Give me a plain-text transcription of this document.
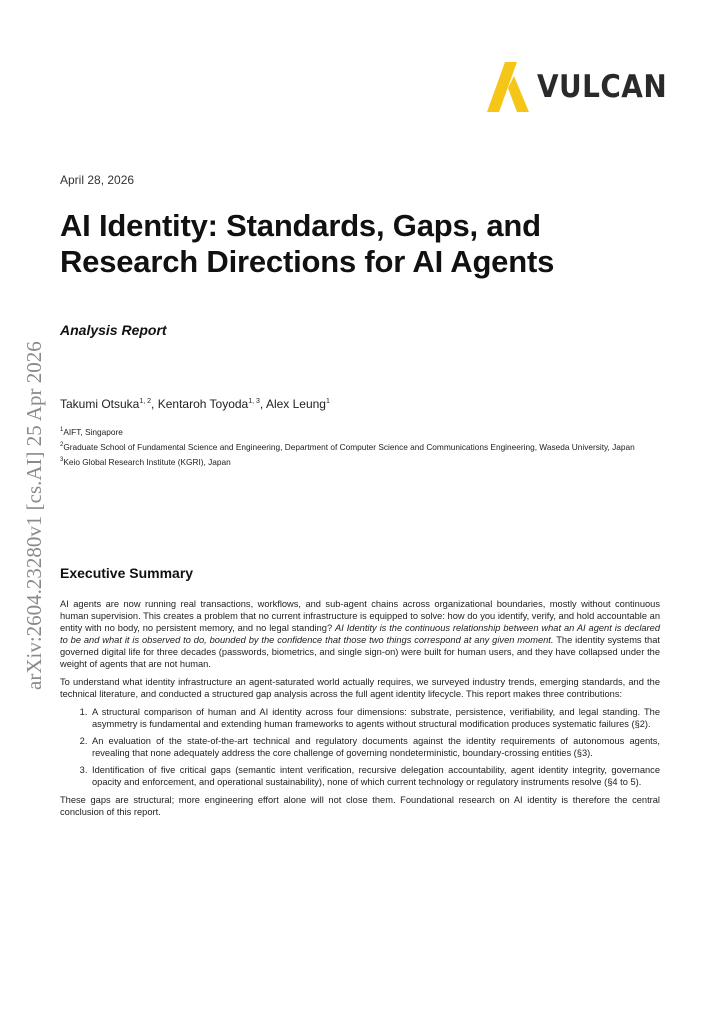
VULCAN
arXiv:2604.23280v1 [cs.AI] 25 Apr 2026
April 28, 2026
AI Identity: Standards, Gaps, and
Research Directions for AI Agents
Analysis Report
Takumi Otsuka$^{1, 2}$, Kentaroh Toyoda$^{1, 3}$, Alex Leung$^1$

$^1$AIFT, Singapore

$^2$Graduate School of Fundamental Science and Engineering, Department of Computer Science and Communications Engineering, Waseda University, Japan

$^3$Keio Global Research Institute (KGRI), Japan

Executive Summary

AI agents are now running real transactions, workflows, and sub-agent chains across organizational boundaries, mostly without continuous human supervision. This creates a problem that no current infrastructure is equipped to solve: how do you identify, verify, and hold accountable an entity with no body, no persistent memory, and no legal standing? AI Identity is the continuous relationship between what an AI agent is declared to be and what it is observed to do, bounded by the confidence that those two things correspond at any given moment. The identity systems that governed digital life for three decades (passwords, biometrics, and single sign-on) were built for human users, and they have collapsed under the weight of agents that are not human.

To understand what identity infrastructure an agent-saturated world actually requires, we surveyed industry trends, emerging standards, and the technical literature, and conducted a structured gap analysis across the full agent identity lifecycle. This report makes three contributions:

1. A structural comparison of human and AI identity across four dimensions: substrate, persistence, verifiability, and legal standing. The asymmetry is fundamental and extending human frameworks to agents without structural modification produces systematic failures (§2).
2. An evaluation of the state-of-the-art technical and regulatory documents against the identity requirements of autonomous agents, revealing that none adequately address the core challenge of governing nondeterministic, boundary-crossing entities (§3).
3. Identification of five critical gaps (semantic intent verification, recursive delegation accountability, agent identity integrity, governance opacity and enforcement, and operational sustainability), none of which current technology or regulatory instruments resolve (§4 to 5).

These gaps are structural; more engineering effort alone will not close them. Foundational research on AI identity is therefore the central conclusion of this report.
